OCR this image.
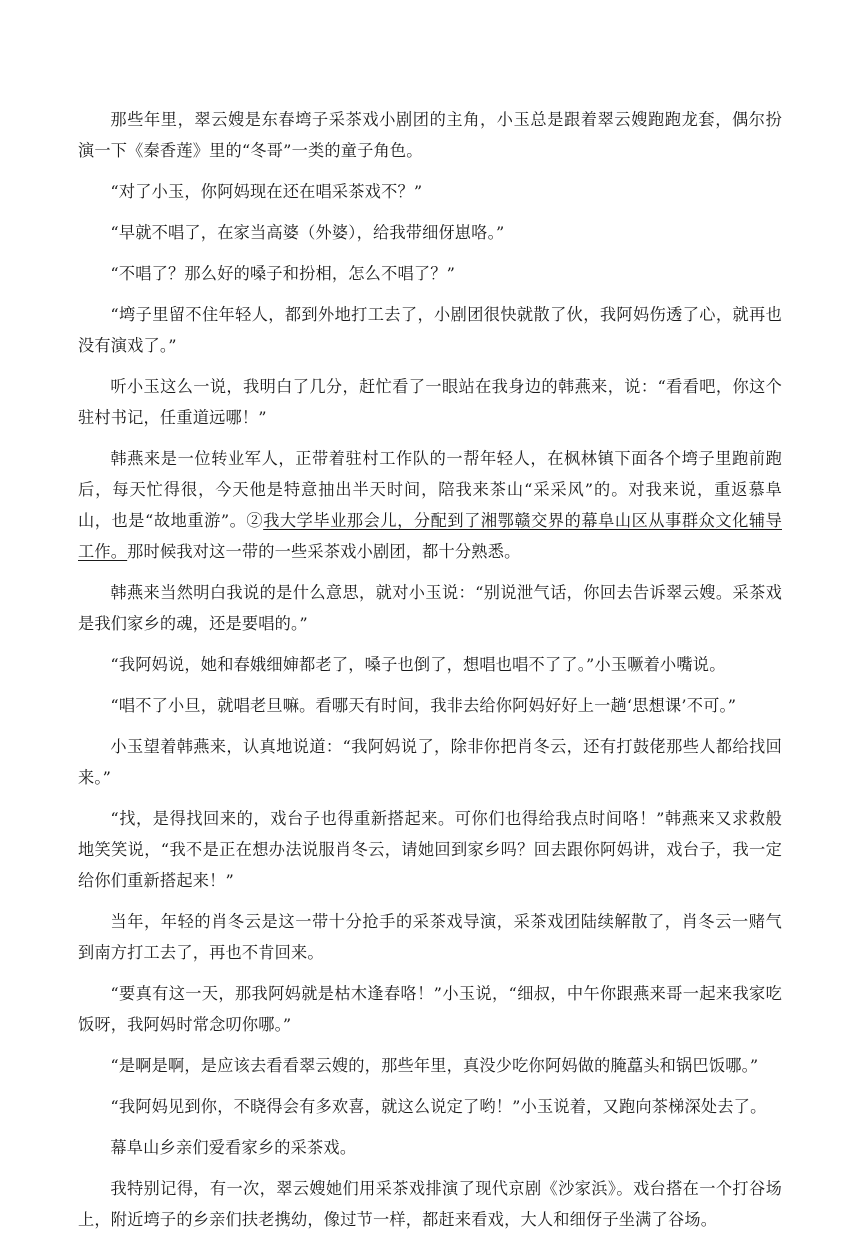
那些年里，翠云嫂是东春塆子采茶戏小剧团的主角，小玉总是跟着翠云嫂跑跑龙套，偶尔扮演一下《秦香莲》里的“冬哥”一类的童子角色。

“对了小玉，你阿妈现在还在唱采茶戏不？”

“早就不唱了，在家当高婆（外婆），给我带细伢崽咯。”

“不唱了？那么好的嗓子和扮相，怎么不唱了？”

“塆子里留不住年轻人，都到外地打工去了，小剧团很快就散了伙，我阿妈伤透了心，就再也没有演戏了。”

听小玉这么一说，我明白了几分，赶忙看了一眼站在我身边的韩燕来，说：“看看吧，你这个驻村书记，任重道远哪！”

韩燕来是一位转业军人，正带着驻村工作队的一帮年轻人，在枫林镇下面各个塆子里跑前跑后，每天忙得很，今天他是特意抽出半天时间，陪我来茶山“采采风”的。对我来说，重返慕阜山，也是“故地重游”。②我大学毕业那会儿，分配到了湘鄂赣交界的幕阜山区从事群众文化辅导工作。那时候我对这一带的一些采茶戏小剧团，都十分熟悉。

韩燕来当然明白我说的是什么意思，就对小玉说：“别说泄气话，你回去告诉翠云嫂。采茶戏是我们家乡的魂，还是要唱的。”

“我阿妈说，她和春娥细婶都老了，嗓子也倒了，想唱也唱不了了。”小玉噘着小嘴说。

“唱不了小旦，就唱老旦嘛。看哪天有时间，我非去给你阿妈好好上一趟‘思想课’不可。”

小玉望着韩燕来，认真地说道：“我阿妈说了，除非你把肖冬云，还有打鼓佬那些人都给找回来。”

“找，是得找回来的，戏台子也得重新搭起来。可你们也得给我点时间咯！”韩燕来又求救般地笑笑说，“我不是正在想办法说服肖冬云，请她回到家乡吗？回去跟你阿妈讲，戏台子，我一定给你们重新搭起来！”

当年，年轻的肖冬云是这一带十分抢手的采茶戏导演，采茶戏团陆续解散了，肖冬云一赌气到南方打工去了，再也不肯回来。

“要真有这一天，那我阿妈就是枯木逢春咯！”小玉说，“细叔，中午你跟燕来哥一起来我家吃饭呀，我阿妈时常念叨你哪。”

“是啊是啊，是应该去看看翠云嫂的，那些年里，真没少吃你阿妈做的腌藠头和锅巴饭哪。”

“我阿妈见到你，不晓得会有多欢喜，就这么说定了哟！”小玉说着，又跑向茶梯深处去了。

幕阜山乡亲们爱看家乡的采茶戏。

我特别记得，有一次，翠云嫂她们用采茶戏排演了现代京剧《沙家浜》。戏台搭在一个打谷场上，附近塆子的乡亲们扶老携幼，像过节一样，都赶来看戏，大人和细伢子坐满了谷场。
